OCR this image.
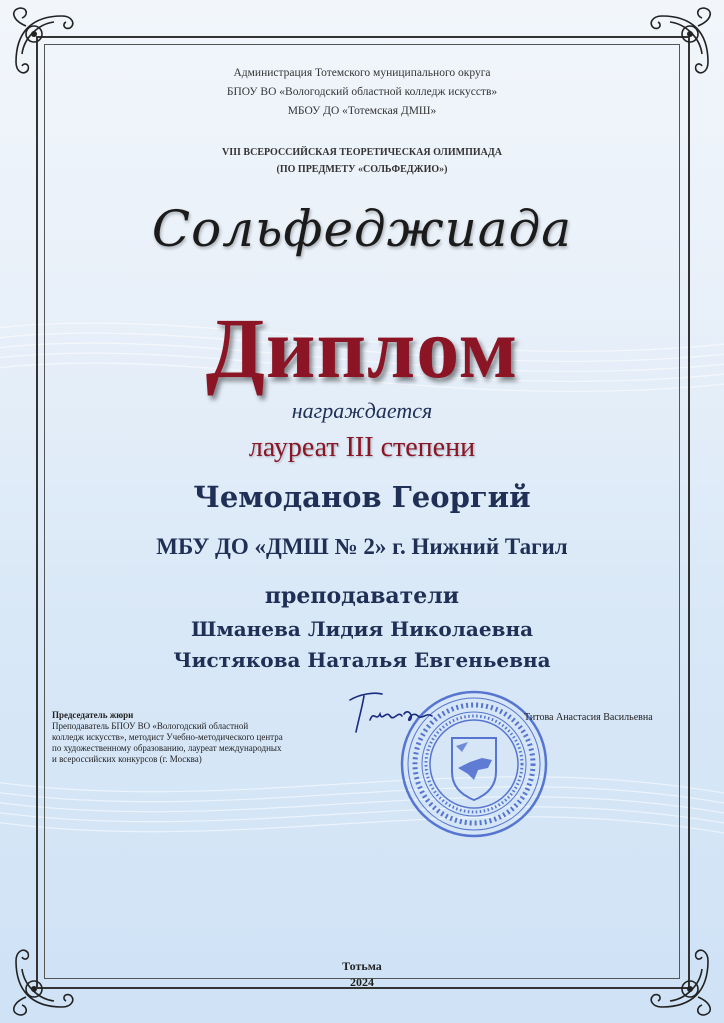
Администрация Тотемского муниципального округа
БПОУ ВО «Вологодский областной колледж искусств»
МБОУ ДО «Тотемская ДМШ»
VIII ВСЕРОССИЙСКАЯ ТЕОРЕТИЧЕСКАЯ ОЛИМПИАДА
(ПО ПРЕДМЕТУ «СОЛЬФЕДЖИО»)
Сольфеджиада
Диплом
награждается
лауреат III степени
Чемоданов Георгий
МБУ ДО «ДМШ № 2» г. Нижний Тагил
преподаватели
Шманева Лидия Николаевна
Чистякова Наталья Евгеньевна
Председатель жюри
Преподаватель БПОУ ВО «Вологодский областной
колледж искусств», методист Учебно-методического центра
по художественному образованию, лауреат международных
и всероссийских конкурсов (г. Москва)
Титова Анастасия Васильевна
Тотьма
2024
